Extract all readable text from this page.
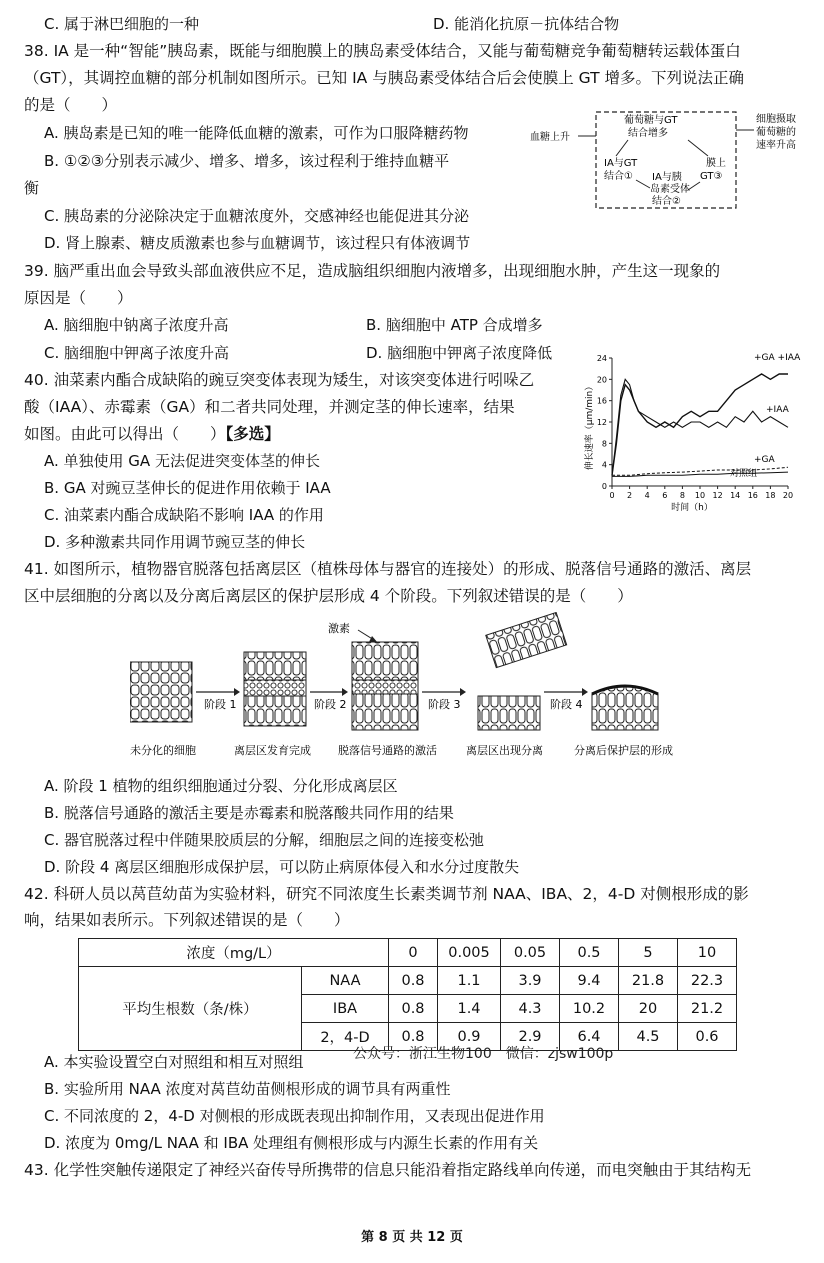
C. 属于淋巴细胞的一种	D. 能消化抗原－抗体结合物
38. IA 是一种“智能”胰岛素，既能与细胞膜上的胰岛素受体结合，又能与葡萄糖竞争葡萄糖转运载体蛋白
（GT），其调控血糖的部分机制如图所示。已知 IA 与胰岛素受体结合后会使膜上 GT 增多。下列说法正确
的是（　　）
A. 胰岛素是已知的唯一能降低血糖的激素，可作为口服降糖药物
B. ①②③分别表示减少、增多、增多，该过程利于维持血糖平
衡
C. 胰岛素的分泌除决定于血糖浓度外，交感神经也能促进其分泌
D. 肾上腺素、糖皮质激素也参与血糖调节，该过程只有体液调节
血糖上升
葡萄糖与GT
结合增多
IA与GT
结合①
膜上
GT③
IA与胰
岛素受体
结合②
细胞摄取
葡萄糖的
速率升高
39. 脑严重出血会导致头部血液供应不足，造成脑组织细胞内液增多，出现细胞水肿，产生这一现象的
原因是（　　）
A. 脑细胞中钠离子浓度升高	B. 脑细胞中 ATP 合成增多
C. 脑细胞中钾离子浓度升高	D. 脑细胞中钾离子浓度降低
40. 油菜素内酯合成缺陷的豌豆突变体表现为矮生，对该突变体进行吲哚乙
酸（IAA）、赤霉素（GA）和二者共同处理，并测定茎的伸长速率，结果
如图。由此可以得出（　　）【多选】
A. 单独使用 GA 无法促进突变体茎的伸长
B. GA 对豌豆茎伸长的促进作用依赖于 IAA
C. 油菜素内酯合成缺陷不影响 IAA 的作用
D. 多种激素共同作用调节豌豆茎的伸长
0 2 4 6 8 10 12 14 16 18 20
0
4
8
12
16
20
24
时间（h）
伸长速率（μm/min）
+GA +IAA
+IAA
+GA
对照组
41. 如图所示，植物器官脱落包括离层区（植株母体与器官的连接处）的形成、脱落信号通路的激活、离层
区中层细胞的分离以及分离后离层区的保护层形成 4 个阶段。下列叙述错误的是（　　）
阶段 1	阶段 2
激素
阶段 3	阶段 4
未分化的细胞	离层区发育完成 脱落信号通路的激活	离层区出现分离	分离后保护层的形成
A. 阶段 1 植物的组织细胞通过分裂、分化形成离层区
B. 脱落信号通路的激活主要是赤霉素和脱落酸共同作用的结果
C. 器官脱落过程中伴随果胶质层的分解，细胞层之间的连接变松弛
D. 阶段 4 离层区细胞形成保护层，可以防止病原体侵入和水分过度散失
42. 科研人员以莴苣幼苗为实验材料，研究不同浓度生长素类调节剂 NAA、IBA、2，4-D 对侧根形成的影
响，结果如表所示。下列叙述错误的是（　　）
浓度（mg/L）		0	0.005	0.05	0.5	5	10
平均生根数（条/株）	NAA	0.8	1.1	3.9	9.4	21.8	22.3
	IBA	0.8	1.4	4.3	10.2	20	21.2
	2，4-D	0.8	0.9	2.9	6.4	4.5	0.6
公众号：浙江生物100　微信：zjsw100p
A. 本实验设置空白对照组和相互对照组
B. 实验所用 NAA 浓度对莴苣幼苗侧根形成的调节具有两重性
C. 不同浓度的 2，4-D 对侧根的形成既表现出抑制作用，又表现出促进作用
D. 浓度为 0mg/L NAA 和 IBA 处理组有侧根形成与内源生长素的作用有关
43. 化学性突触传递限定了神经兴奋传导所携带的信息只能沿着指定路线单向传递，而电突触由于其结构无
第 8 页 共 12 页
